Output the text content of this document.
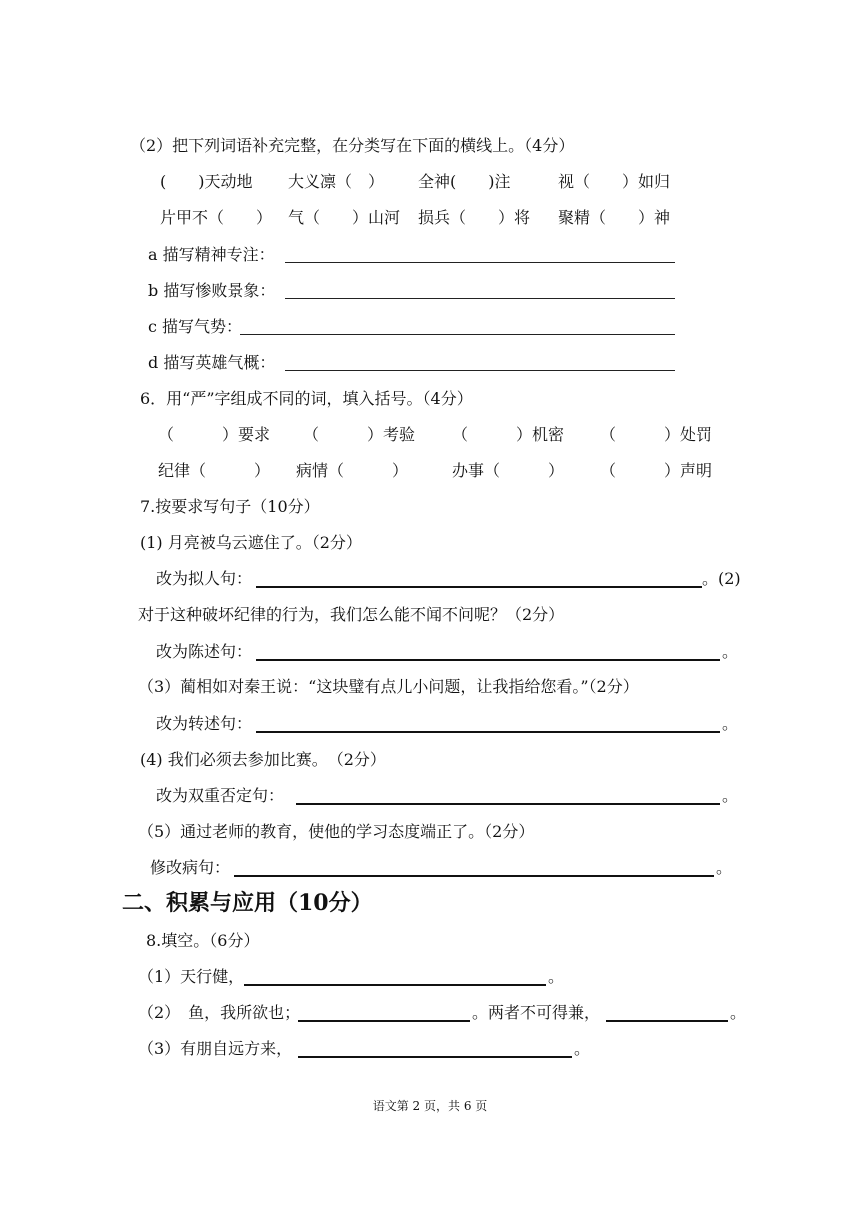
（2）把下列词语补充完整，在分类写在下面的横线上。（4分）
(　　)天动地 大义凛（　） 全神(　　)注	视（　　）如归
片甲不（　　） 气（　　）山河 损兵（　　）将 聚精（　　）神
a 描写精神专注：
b 描写惨败景象：
c 描写气势：
d 描写英雄气概：
6．用“严”字组成不同的词，填入括号。（4分）
（　　　）要求 （　　　）考验 （　　　）机密 （　　　）处罚
纪律（　　　） 病情（　　　）	办事（　　　） （　　　）声明
7.按要求写句子（10分）
(1) 月亮被乌云遮住了。（2分）
改为拟人句：	。(2)
对于这种破坏纪律的行为，我们怎么能不闻不问呢？（2分）
改为陈述句：	。
（3）蔺相如对秦王说：“这块璧有点儿小问题，让我指给您看。”（2分）
改为转述句：	。
(4) 我们必须去参加比赛。　（2分）
改为双重否定句：	。
（5）通过老师的教育，使他的学习态度端正了。（2分）
修改病句：	。
二、积累与应用（10分）
8.填空。（6分）
（1）天行健，	。
（2）　鱼，我所欲也；	。两者不可得兼，	。
（3）有朋自远方来，	。
语文第 2 页，共 6 页
